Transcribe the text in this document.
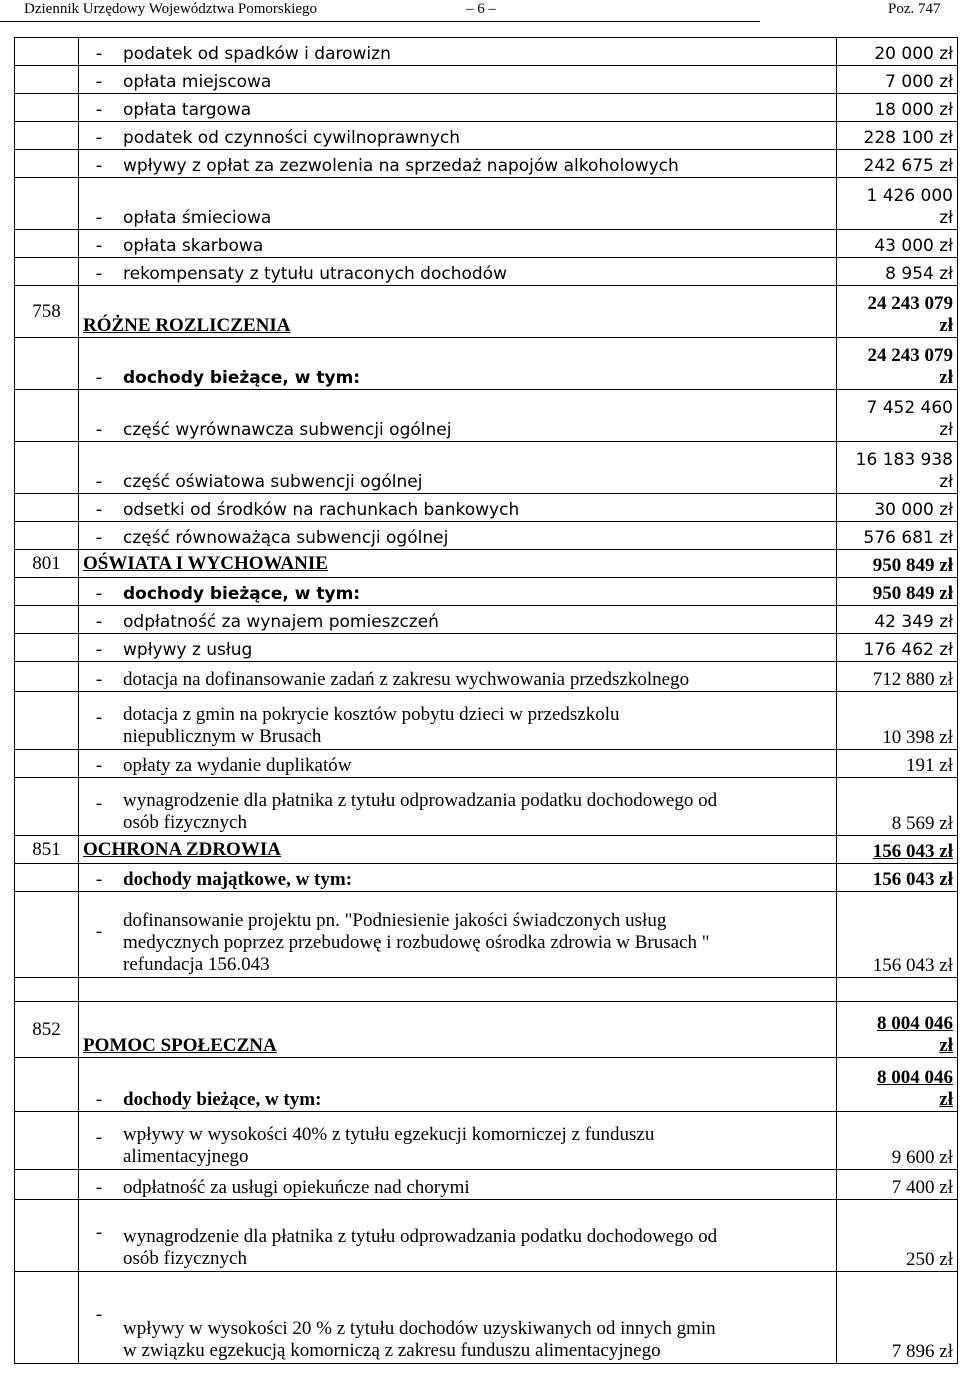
Dziennik Urzędowy Województwa Pomorskiego	– 6 –	Poz. 747
	-	podatek od spadków i darowizn	20 000 zł

	-	opłata miejscowa	7 000 zł

	-	opłata targowa	18 000 zł

	-	podatek od czynności cywilnoprawnych	228 100 zł

	-	wpływy z opłat za zezwolenia na sprzedaż napojów alkoholowych	242 675 zł

	-	opłata śmieciowa	1 426 000
zł

	-	opłata skarbowa	43 000 zł

	-	rekompensaty z tytułu utraconych dochodów	8 954 zł

758	RÓŻNE ROZLICZENIA		24 243 079
zł

	-	dochody bieżące, w tym:	24 243 079
zł

	-	część wyrównawcza subwencji ogólnej	7 452 460
zł

	-	część oświatowa subwencji ogólnej	16 183 938
zł

	-	odsetki od środków na rachunkach bankowych	30 000 zł

	-	część równoważąca subwencji ogólnej	576 681 zł

801	OŚWIATA I WYCHOWANIE		950 849 zł

	-	dochody bieżące, w tym:	950 849 zł

	-	odpłatność za wynajem pomieszczeń	42 349 zł

	-	wpływy z usług	176 462 zł

	-	dotacja na dofinansowanie zadań z zakresu wychwowania przedszkolnego	712 880 zł

	-	dotacja z gmin na pokrycie kosztów pobytu dzieci w przedszkolu
niepublicznym w Brusach	10 398 zł

	-	opłaty za wydanie duplikatów	191 zł

	-	wynagrodzenie dla płatnika z tytułu odprowadzania podatku dochodowego od
osób fizycznych	8 569 zł

851	OCHRONA ZDROWIA		156 043 zł

	-	dochody majątkowe, w tym:	156 043 zł

	-	dofinansowanie projektu pn. "Podniesienie jakości świadczonych usług
medycznych poprzez przebudowę i rozbudowę ośrodka zdrowia w Brusach "
refundacja 156.043	156 043 zł

852	POMOC SPOŁECZNA		8 004 046
zł

	-	dochody bieżące, w tym:	8 004 046
zł

	-	wpływy w wysokości 40% z tytułu egzekucji komorniczej z funduszu
alimentacyjnego	9 600 zł

	-	odpłatność za usługi opiekuńcze nad chorymi	7 400 zł

	-	wynagrodzenie dla płatnika z tytułu odprowadzania podatku dochodowego od
osób fizycznych	250 zł

	-	wpływy w wysokości 20 % z tytułu dochodów uzyskiwanych od innych gmin
w związku egzekucją komorniczą z zakresu funduszu alimentacyjnego	7 896 zł
